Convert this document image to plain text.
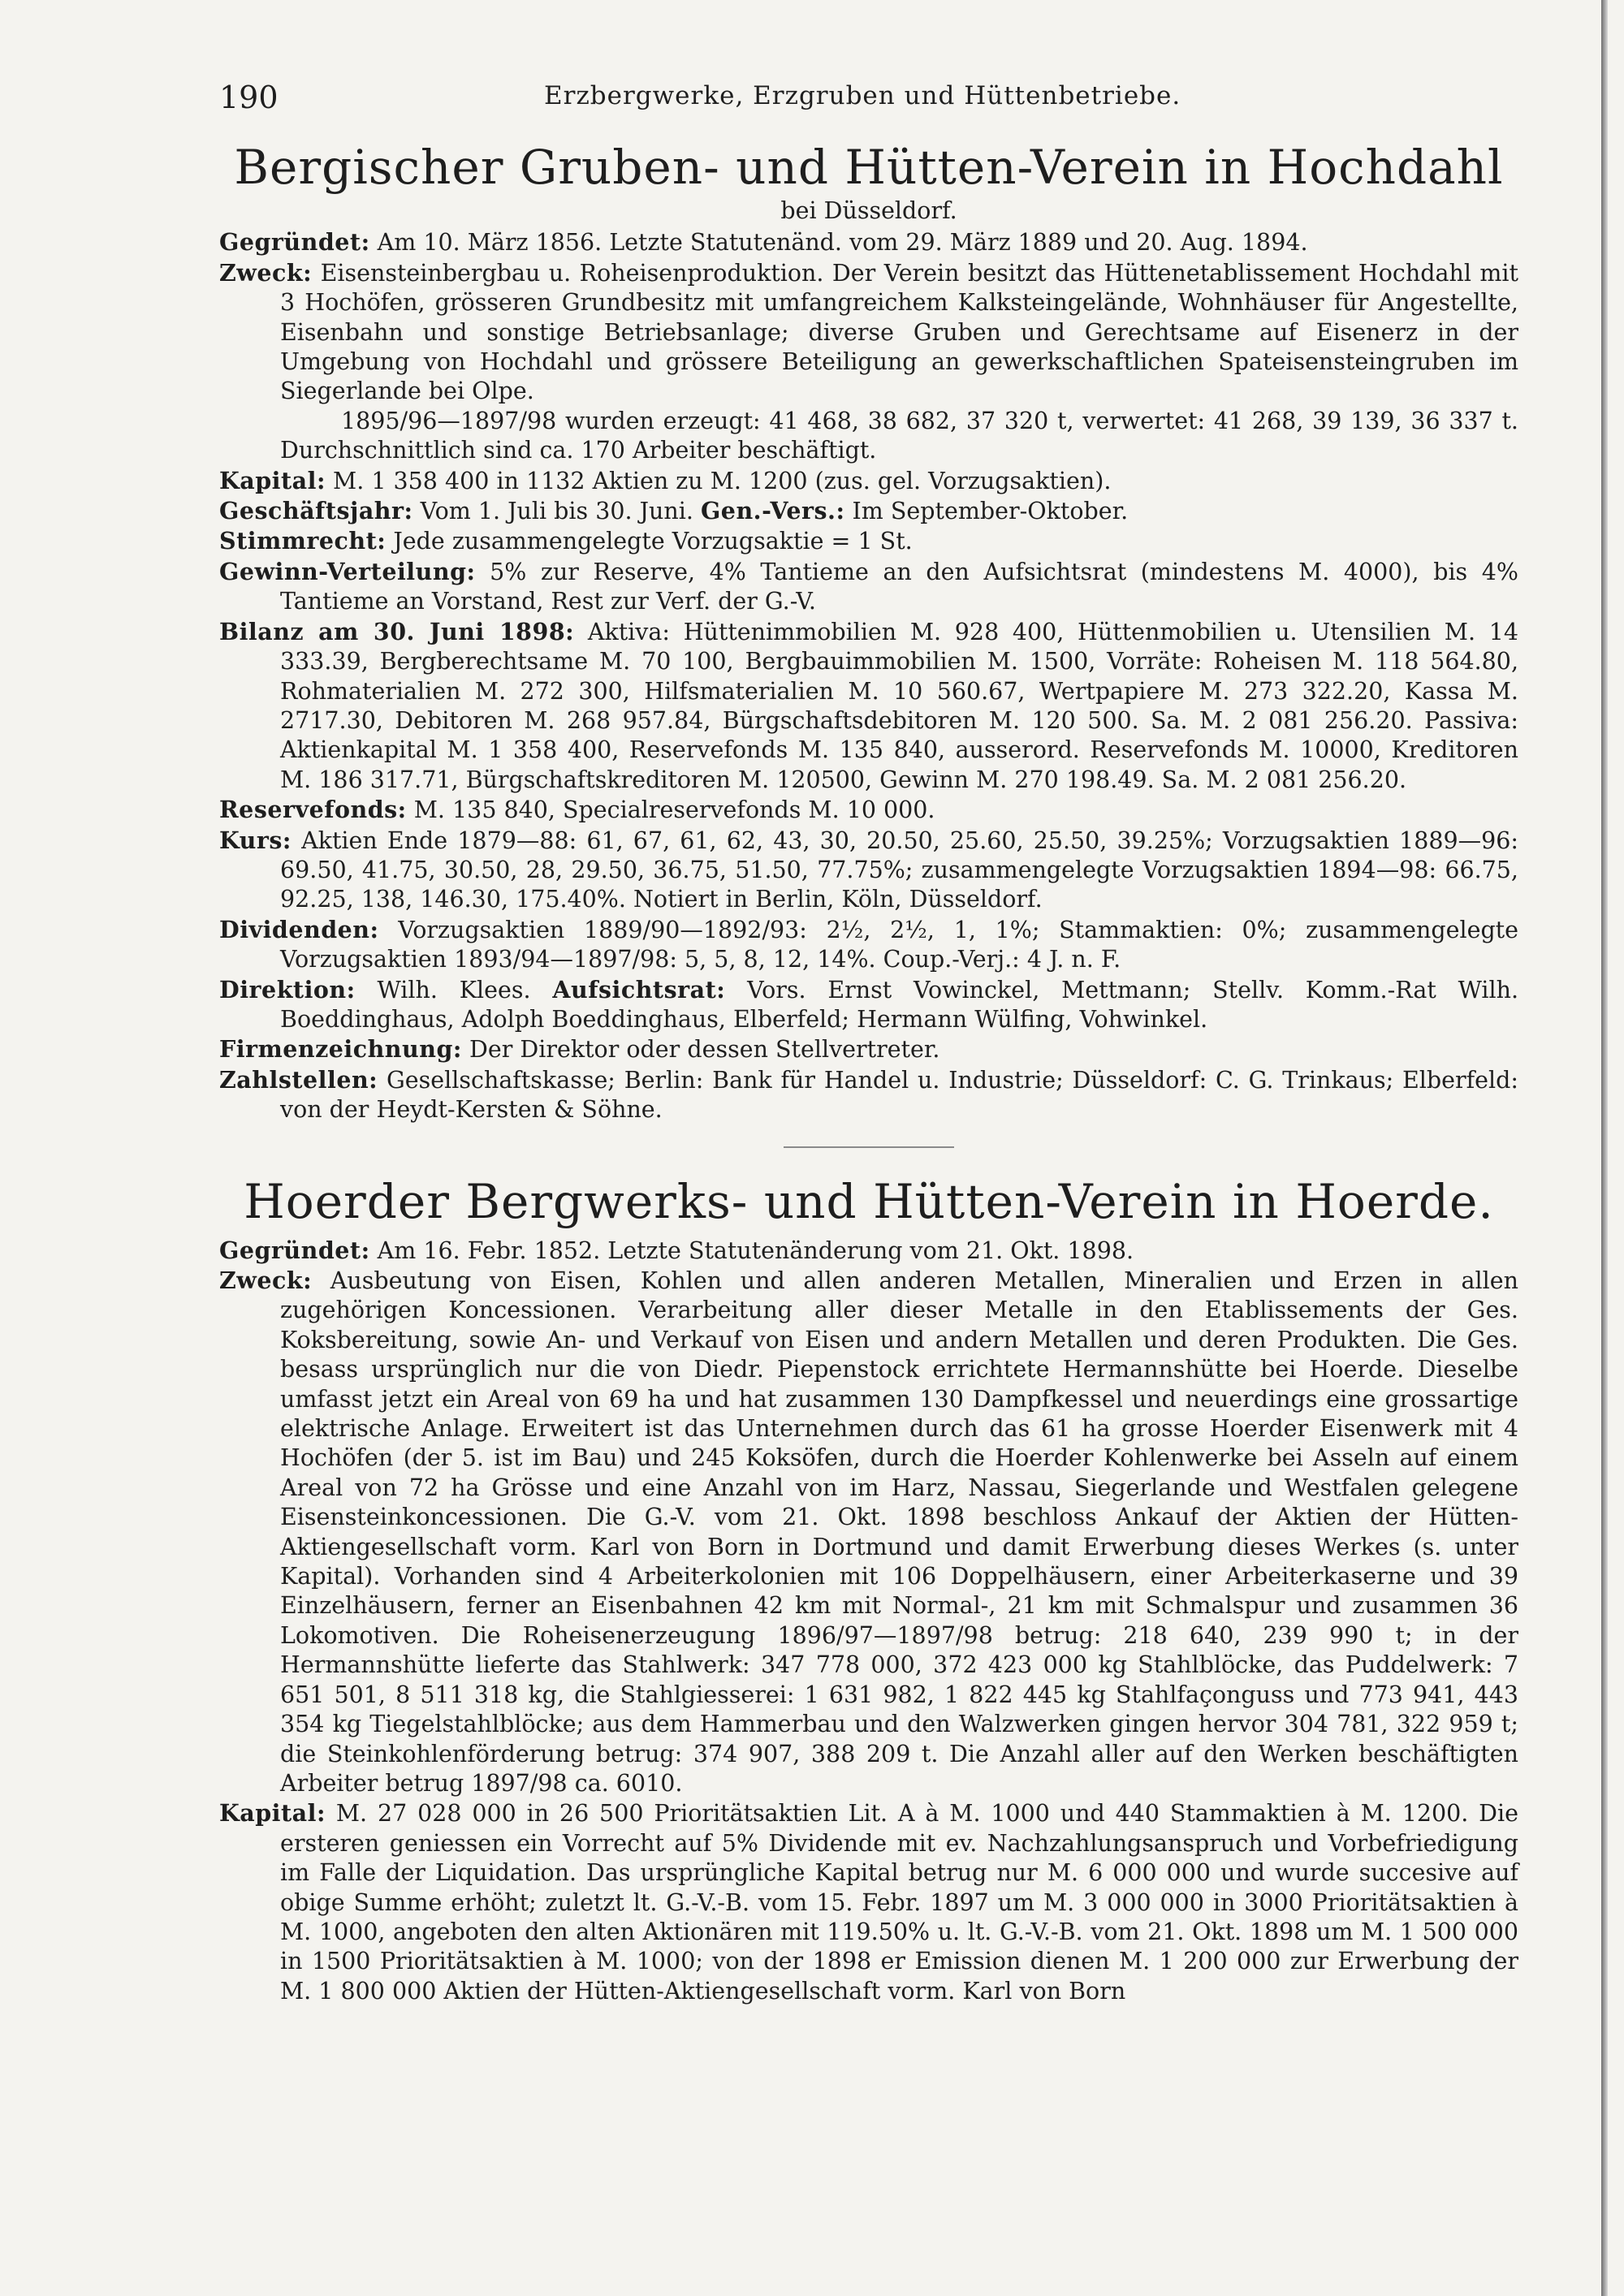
190	Erzbergwerke, Erzgruben und Hüttenbetriebe.
Bergischer Gruben- und Hütten-Verein in Hochdahl

bei Düsseldorf.

Gegründet: Am 10. März 1856. Letzte Statutenänd. vom 29. März 1889 und 20. Aug. 1894.

Zweck: Eisensteinbergbau u. Roheisenproduktion. Der Verein besitzt das Hüttenetablissement Hochdahl mit 3 Hochöfen, grösseren Grundbesitz mit umfangreichem Kalksteingelände, Wohnhäuser für Angestellte, Eisenbahn und sonstige Betriebsanlage; diverse Gruben und Gerechtsame auf Eisenerz in der Umgebung von Hochdahl und grössere Beteiligung an gewerkschaftlichen Spateisensteingruben im Siegerlande bei Olpe.

1895/96—1897/98 wurden erzeugt: 41 468, 38 682, 37 320 t, verwertet: 41 268, 39 139, 36 337 t. Durchschnittlich sind ca. 170 Arbeiter beschäftigt.

Kapital: M. 1 358 400 in 1132 Aktien zu M. 1200 (zus. gel. Vorzugsaktien).

Geschäftsjahr: Vom 1. Juli bis 30. Juni. Gen.-Vers.: Im September-Oktober.

Stimmrecht: Jede zusammengelegte Vorzugsaktie = 1 St.

Gewinn-Verteilung: 5% zur Reserve, 4% Tantieme an den Aufsichtsrat (mindestens M. 4000), bis 4% Tantieme an Vorstand, Rest zur Verf. der G.-V.

Bilanz am 30. Juni 1898: Aktiva: Hüttenimmobilien M. 928 400, Hüttenmobilien u. Utensilien M. 14 333.39, Bergberechtsame M. 70 100, Bergbauimmobilien M. 1500, Vorräte: Roheisen M. 118 564.80, Rohmaterialien M. 272 300, Hilfsmaterialien M. 10 560.67, Wertpapiere M. 273 322.20, Kassa M. 2717.30, Debitoren M. 268 957.84, Bürgschaftsdebitoren M. 120 500. Sa. M. 2 081 256.20. Passiva: Aktienkapital M. 1 358 400, Reservefonds M. 135 840, ausserord. Reservefonds M. 10000, Kreditoren M. 186 317.71, Bürgschaftskreditoren M. 120500, Gewinn M. 270 198.49. Sa. M. 2 081 256.20.

Reservefonds: M. 135 840, Specialreservefonds M. 10 000.

Kurs: Aktien Ende 1879—88: 61, 67, 61, 62, 43, 30, 20.50, 25.60, 25.50, 39.25%; Vorzugsaktien 1889—96: 69.50, 41.75, 30.50, 28, 29.50, 36.75, 51.50, 77.75%; zusammengelegte Vorzugsaktien 1894—98: 66.75, 92.25, 138, 146.30, 175.40%. Notiert in Berlin, Köln, Düsseldorf.

Dividenden: Vorzugsaktien 1889/90—1892/93: 2½, 2½, 1, 1%; Stammaktien: 0%; zusammengelegte Vorzugsaktien 1893/94—1897/98: 5, 5, 8, 12, 14%. Coup.-Verj.: 4 J. n. F.

Direktion: Wilh. Klees. Aufsichtsrat: Vors. Ernst Vowinckel, Mettmann; Stellv. Komm.-Rat Wilh. Boeddinghaus, Adolph Boeddinghaus, Elberfeld; Hermann Wülfing, Vohwinkel.

Firmenzeichnung: Der Direktor oder dessen Stellvertreter.

Zahlstellen: Gesellschaftskasse; Berlin: Bank für Handel u. Industrie; Düsseldorf: C. G. Trinkaus; Elberfeld: von der Heydt-Kersten & Söhne.

Hoerder Bergwerks- und Hütten-Verein in Hoerde.

Gegründet: Am 16. Febr. 1852. Letzte Statutenänderung vom 21. Okt. 1898.

Zweck: Ausbeutung von Eisen, Kohlen und allen anderen Metallen, Mineralien und Erzen in allen zugehörigen Koncessionen. Verarbeitung aller dieser Metalle in den Etablissements der Ges. Koksbereitung, sowie An- und Verkauf von Eisen und andern Metallen und deren Produkten. Die Ges. besass ursprünglich nur die von Diedr. Piepenstock errichtete Hermannshütte bei Hoerde. Dieselbe umfasst jetzt ein Areal von 69 ha und hat zusammen 130 Dampfkessel und neuerdings eine grossartige elektrische Anlage. Erweitert ist das Unternehmen durch das 61 ha grosse Hoerder Eisenwerk mit 4 Hochöfen (der 5. ist im Bau) und 245 Koksöfen, durch die Hoerder Kohlenwerke bei Asseln auf einem Areal von 72 ha Grösse und eine Anzahl von im Harz, Nassau, Siegerlande und Westfalen gelegene Eisensteinkoncessionen. Die G.-V. vom 21. Okt. 1898 beschloss Ankauf der Aktien der Hütten-Aktiengesellschaft vorm. Karl von Born in Dortmund und damit Erwerbung dieses Werkes (s. unter Kapital). Vorhanden sind 4 Arbeiterkolonien mit 106 Doppelhäusern, einer Arbeiterkaserne und 39 Einzelhäusern, ferner an Eisenbahnen 42 km mit Normal-, 21 km mit Schmalspur und zusammen 36 Lokomotiven. Die Roheisenerzeugung 1896/97—1897/98 betrug: 218 640, 239 990 t; in der Hermannshütte lieferte das Stahlwerk: 347 778 000, 372 423 000 kg Stahlblöcke, das Puddelwerk: 7 651 501, 8 511 318 kg, die Stahlgiesserei: 1 631 982, 1 822 445 kg Stahlfaçonguss und 773 941, 443 354 kg Tiegelstahlblöcke; aus dem Hammerbau und den Walzwerken gingen hervor 304 781, 322 959 t; die Steinkohlenförderung betrug: 374 907, 388 209 t. Die Anzahl aller auf den Werken beschäftigten Arbeiter betrug 1897/98 ca. 6010.

Kapital: M. 27 028 000 in 26 500 Prioritätsaktien Lit. A à M. 1000 und 440 Stammaktien à M. 1200. Die ersteren geniessen ein Vorrecht auf 5% Dividende mit ev. Nachzahlungsanspruch und Vorbefriedigung im Falle der Liquidation. Das ursprüngliche Kapital betrug nur M. 6 000 000 und wurde succesive auf obige Summe erhöht; zuletzt lt. G.-V.-B. vom 15. Febr. 1897 um M. 3 000 000 in 3000 Prioritätsaktien à M. 1000, angeboten den alten Aktionären mit 119.50% u. lt. G.-V.-B. vom 21. Okt. 1898 um M. 1 500 000 in 1500 Prioritätsaktien à M. 1000; von der 1898 er Emission dienen M. 1 200 000 zur Erwerbung der M. 1 800 000 Aktien der Hütten-Aktiengesellschaft vorm. Karl von Born
